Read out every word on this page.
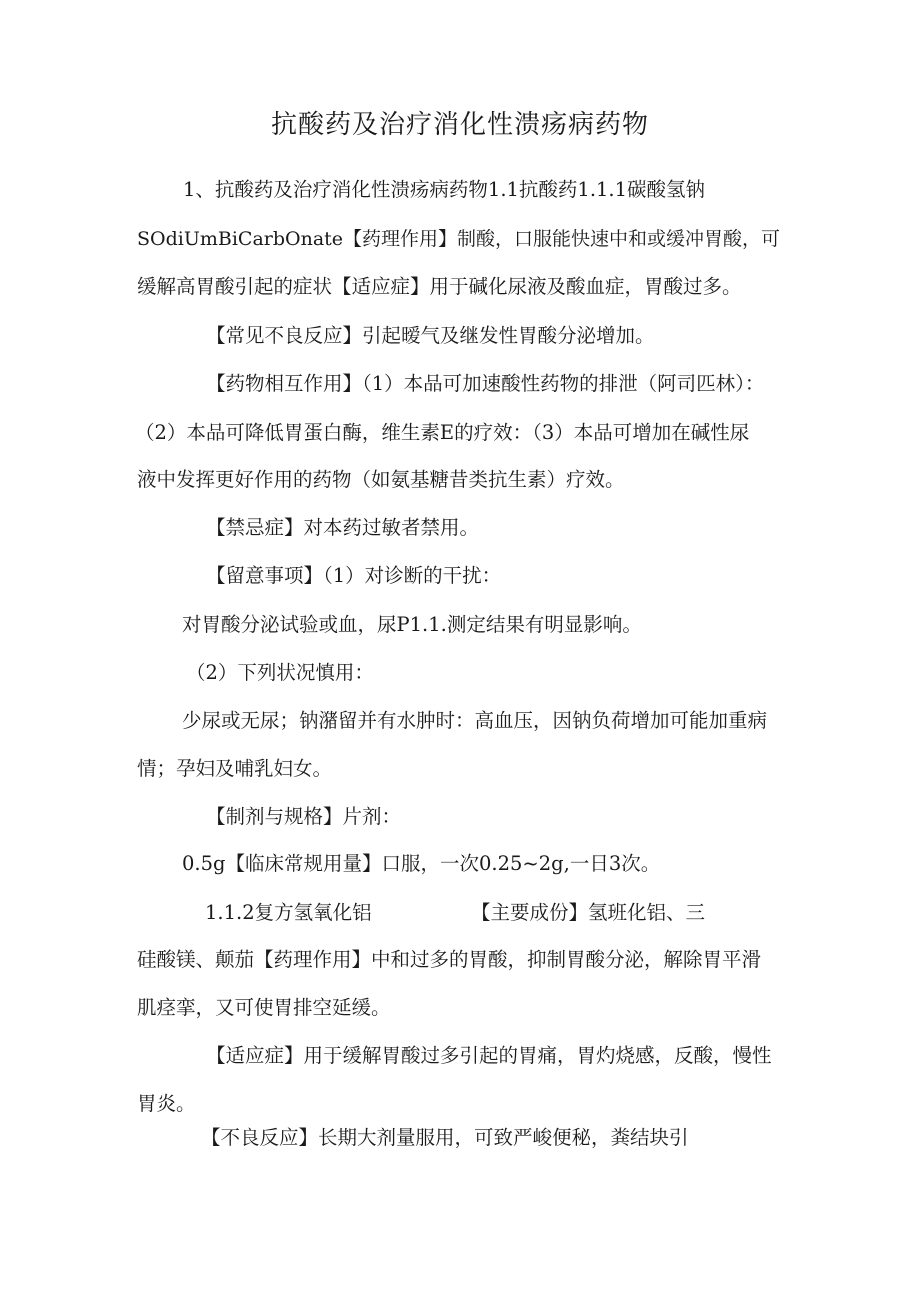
抗酸药及治疗消化性溃疡病药物

1、抗酸药及治疗消化性溃疡病药物1.1抗酸药1.1.1碳酸氢钠

SOdiUmBiCarbOnate【药理作用】制酸，口服能快速中和或缓冲胃酸，可

缓解高胃酸引起的症状【适应症】用于碱化尿液及酸血症，胃酸过多。

【常见不良反应】引起暧气及继发性胃酸分泌增加。

【药物相互作用】（1）本品可加速酸性药物的排泄（阿司匹林）：

（2）本品可降低胃蛋白酶，维生素E的疗效：（3）本品可增加在碱性尿

液中发挥更好作用的药物（如氨基糖昔类抗生素）疗效。

【禁忌症】对本药过敏者禁用。

【留意事项】（1）对诊断的干扰：

对胃酸分泌试验或血，尿P1.1.测定结果有明显影响。

（2）下列状况慎用：

少尿或无尿；钠潴留并有水肿时：高血压，因钠负荷增加可能加重病

情；孕妇及哺乳妇女。

【制剂与规格】片剂：

0.5g【临床常规用量】口服，一次0.25~2g,一日3次。

1.1.2复方氢氧化铝	【主要成份】氢班化铝、三

硅酸镁、颠茄【药理作用】中和过多的胃酸，抑制胃酸分泌，解除胃平滑

肌痉挛，又可使胃排空延缓。

【适应症】用于缓解胃酸过多引起的胃痛，胃灼烧感，反酸，慢性

胃炎。

【不良反应】长期大剂量服用，可致严峻便秘，粪结块引
